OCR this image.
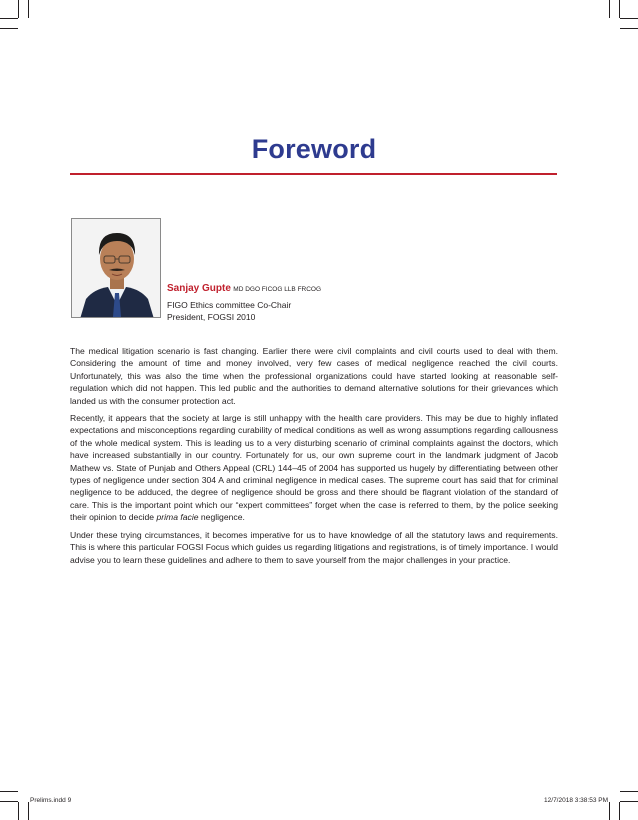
Foreword
Sanjay Gupte MD DGO FICOG LLB FRCOG
FIGO Ethics committee Co-Chair
President, FOGSI 2010

The medical litigation scenario is fast changing. Earlier there were civil complaints and civil courts used to deal with them. Considering the amount of time and money involved, very few cases of medical negligence reached the civil courts. Unfortunately, this was also the time when the professional organizations could have started looking at reasonable self-regulation which did not happen. This led public and the authorities to demand alternative solutions for their grievances which landed us with the consumer protection act.

Recently, it appears that the society at large is still unhappy with the health care providers. This may be due to highly inflated expectations and misconceptions regarding curability of medical conditions as well as wrong assumptions regarding callousness of the whole medical system. This is leading us to a very disturbing scenario of criminal complaints against the doctors, which have increased substantially in our country. Fortunately for us, our own supreme court in the landmark judgment of Jacob Mathew vs. State of Punjab and Others Appeal (CRL) 144–45 of 2004 has supported us hugely by differentiating between other types of negligence under section 304 A and criminal negligence in medical cases. The supreme court has said that for criminal negligence to be adduced, the degree of negligence should be gross and there should be flagrant violation of the standard of care. This is the important point which our “expert committees” forget when the case is referred to them, by the police seeking their opinion to decide prima facie negligence.

Under these trying circumstances, it becomes imperative for us to have knowledge of all the statutory laws and requirements. This is where this particular FOGSI Focus which guides us regarding litigations and registrations, is of timely importance. I would advise you to learn these guidelines and adhere to them to save yourself from the major challenges in your practice.

Prelims.indd 9	12/7/2018 3:38:53 PM
